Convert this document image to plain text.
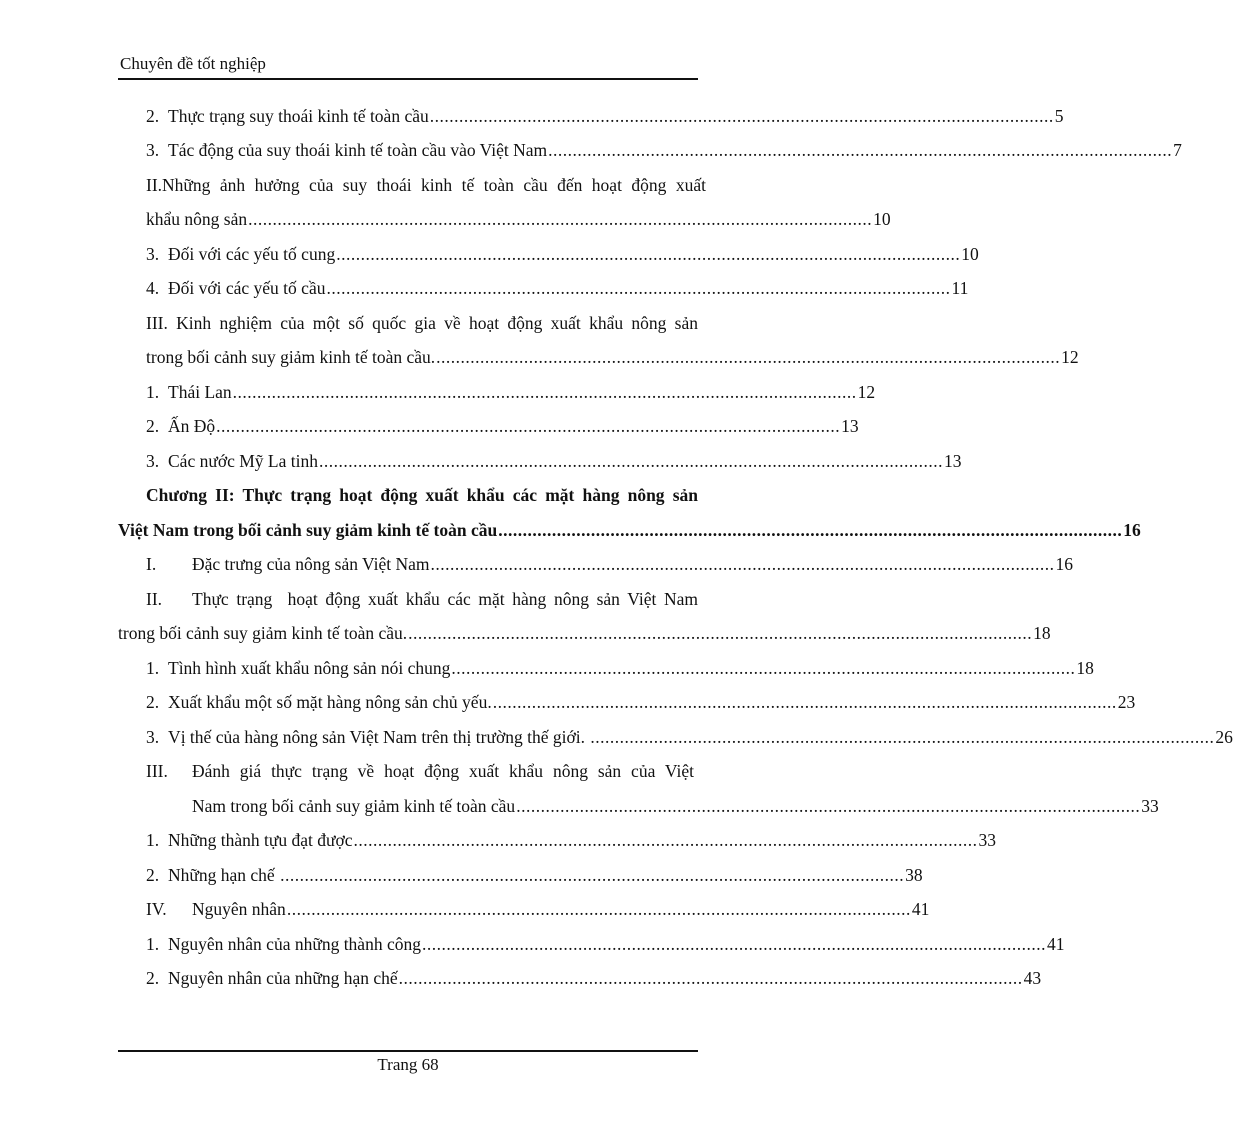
Chuyên đề tốt nghiệp
2. Thực trạng suy thoái kinh tế toàn cầu ................................................................................................................................ 5
3. Tác động của suy thoái kinh tế toàn cầu vào Việt Nam ................................................................................................................................ 7
II.Những ảnh hưởng của suy thoái kinh tế toàn cầu đến hoạt động xuất
khẩu nông sản ................................................................................................................................ 10
3. Đối với các yếu tố cung ................................................................................................................................ 10
4. Đối với các yếu tố cầu ................................................................................................................................ 11
III. Kinh nghiệm của một số quốc gia về hoạt động xuất khẩu nông sản
trong bối cảnh suy giảm kinh tế toàn cầu. ................................................................................................................................ 12
1. Thái Lan ................................................................................................................................ 12
2. Ấn Độ ................................................................................................................................ 13
3. Các nước Mỹ La tinh ................................................................................................................................ 13
Chương II: Thực trạng hoạt động xuất khẩu các mặt hàng nông sản
Việt Nam trong bối cảnh suy giảm kinh tế toàn cầu ................................................................................................................................ 16
I.	Đặc trưng của nông sản Việt Nam ................................................................................................................................ 16
II.	Thực trạng  hoạt động xuất khẩu các mặt hàng nông sản Việt Nam
trong bối cảnh suy giảm kinh tế toàn cầu. ................................................................................................................................ 18
1. Tình hình xuất khẩu nông sản nói chung ................................................................................................................................ 18
2. Xuất khẩu một số mặt hàng nông sản chủ yếu. ................................................................................................................................ 23
3. Vị thế của hàng nông sản Việt Nam trên thị trường thế giới. ................................................................................................................................ 26
III.	Đánh giá thực trạng về hoạt động xuất khẩu nông sản của Việt
Nam trong bối cảnh suy giảm kinh tế toàn cầu ................................................................................................................................ 33
1. Những thành tựu đạt được ................................................................................................................................ 33
2. Những hạn chế ................................................................................................................................ 38
IV.	Nguyên nhân ................................................................................................................................ 41
1. Nguyên nhân của những thành công ................................................................................................................................ 41
2. Nguyên nhân của những hạn chế ................................................................................................................................ 43
Trang 68
